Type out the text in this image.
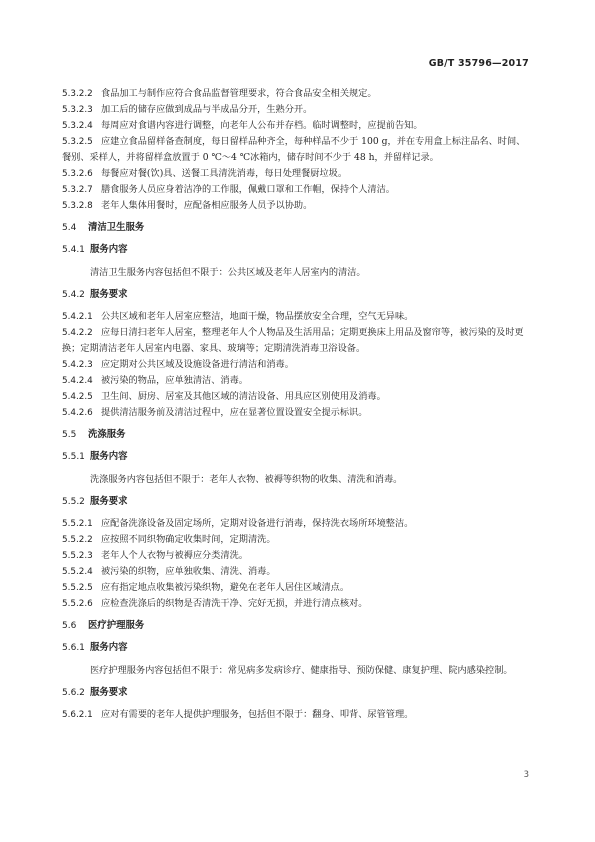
GB/T 35796—2017
5.3.2.2 食品加工与制作应符合食品监督管理要求，符合食品安全相关规定。
5.3.2.3 加工后的储存应做到成品与半成品分开，生熟分开。
5.3.2.4 每周应对食谱内容进行调整，向老年人公布并存档。临时调整时，应提前告知。
5.3.2.5 应建立食品留样备查制度，每日留样品种齐全，每种样品不少于 100 g，并在专用盒上标注品名、时间、餐别、采样人，并将留样盒放置于 0 ℃～4 ℃冰箱内，储存时间不少于 48 h，并留样记录。
5.3.2.6 每餐应对餐(饮)具、送餐工具清洗消毒，每日处理餐厨垃圾。
5.3.2.7 膳食服务人员应身着洁净的工作服，佩戴口罩和工作帽，保持个人清洁。
5.3.2.8 老年人集体用餐时，应配备相应服务人员予以协助。
5.4	清洁卫生服务
5.4.1 服务内容
清洁卫生服务内容包括但不限于：公共区域及老年人居室内的清洁。
5.4.2 服务要求
5.4.2.1 公共区域和老年人居室应整洁，地面干燥，物品摆放安全合理，空气无异味。
5.4.2.2 应每日清扫老年人居室，整理老年人个人物品及生活用品；定期更换床上用品及窗帘等，被污染的及时更换；定期清洁老年人居室内电器、家具、玻璃等；定期清洗消毒卫浴设备。
5.4.2.3 应定期对公共区域及设施设备进行清洁和消毒。
5.4.2.4 被污染的物品，应单独清洁、消毒。
5.4.2.5 卫生间、厨房、居室及其他区域的清洁设备、用具应区别使用及消毒。
5.4.2.6 提供清洁服务前及清洁过程中，应在显著位置设置安全提示标识。
5.5	洗涤服务
5.5.1 服务内容
洗涤服务内容包括但不限于：老年人衣物、被褥等织物的收集、清洗和消毒。
5.5.2 服务要求
5.5.2.1 应配备洗涤设备及固定场所，定期对设备进行消毒，保持洗衣场所环境整洁。
5.5.2.2 应按照不同织物确定收集时间，定期清洗。
5.5.2.3 老年人个人衣物与被褥应分类清洗。
5.5.2.4 被污染的织物，应单独收集、清洗、消毒。
5.5.2.5 应有指定地点收集被污染织物，避免在老年人居住区域清点。
5.5.2.6 应检查洗涤后的织物是否清洗干净、完好无损，并进行清点核对。
5.6	医疗护理服务
5.6.1 服务内容
医疗护理服务内容包括但不限于：常见病多发病诊疗、健康指导、预防保健、康复护理、院内感染控制。
5.6.2 服务要求
5.6.2.1 应对有需要的老年人提供护理服务，包括但不限于：翻身、叩背、尿管管理。
3
